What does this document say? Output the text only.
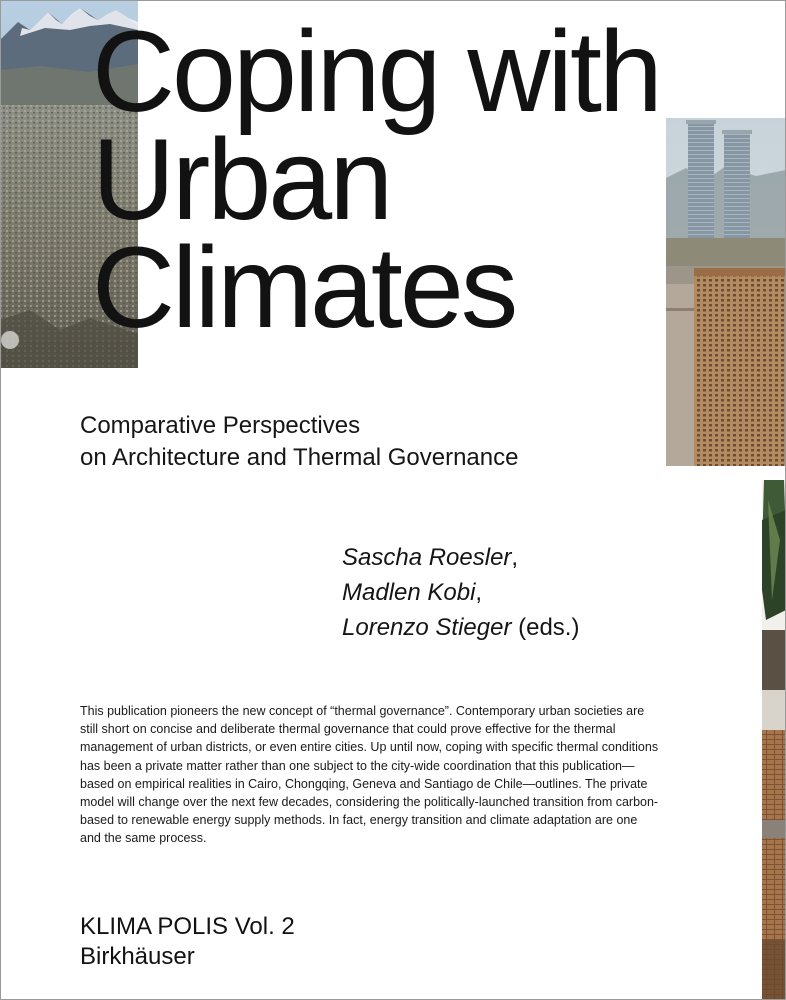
Coping with
Urban
Climates
Comparative Perspectives
on Architecture and Thermal Governance
Sascha Roesler,
Madlen Kobi,
Lorenzo Stieger (eds.)

This publication pioneers the new concept of “thermal governance”. Contemporary urban societies are still short on concise and deliberate thermal governance that could prove effective for the thermal management of urban districts, or even entire cities. Up until now, coping with specific thermal conditions has been a private matter rather than one subject to the city-wide coordination that this publication—based on empirical realities in Cairo, Chongqing, Geneva and Santiago de Chile—outlines. The private model will change over the next few decades, considering the politically-launched transition from carbon-based to renewable energy supply methods. In fact, energy transition and climate adaptation are one and the same process.

KLIMA POLIS Vol. 2
Birkhäuser
